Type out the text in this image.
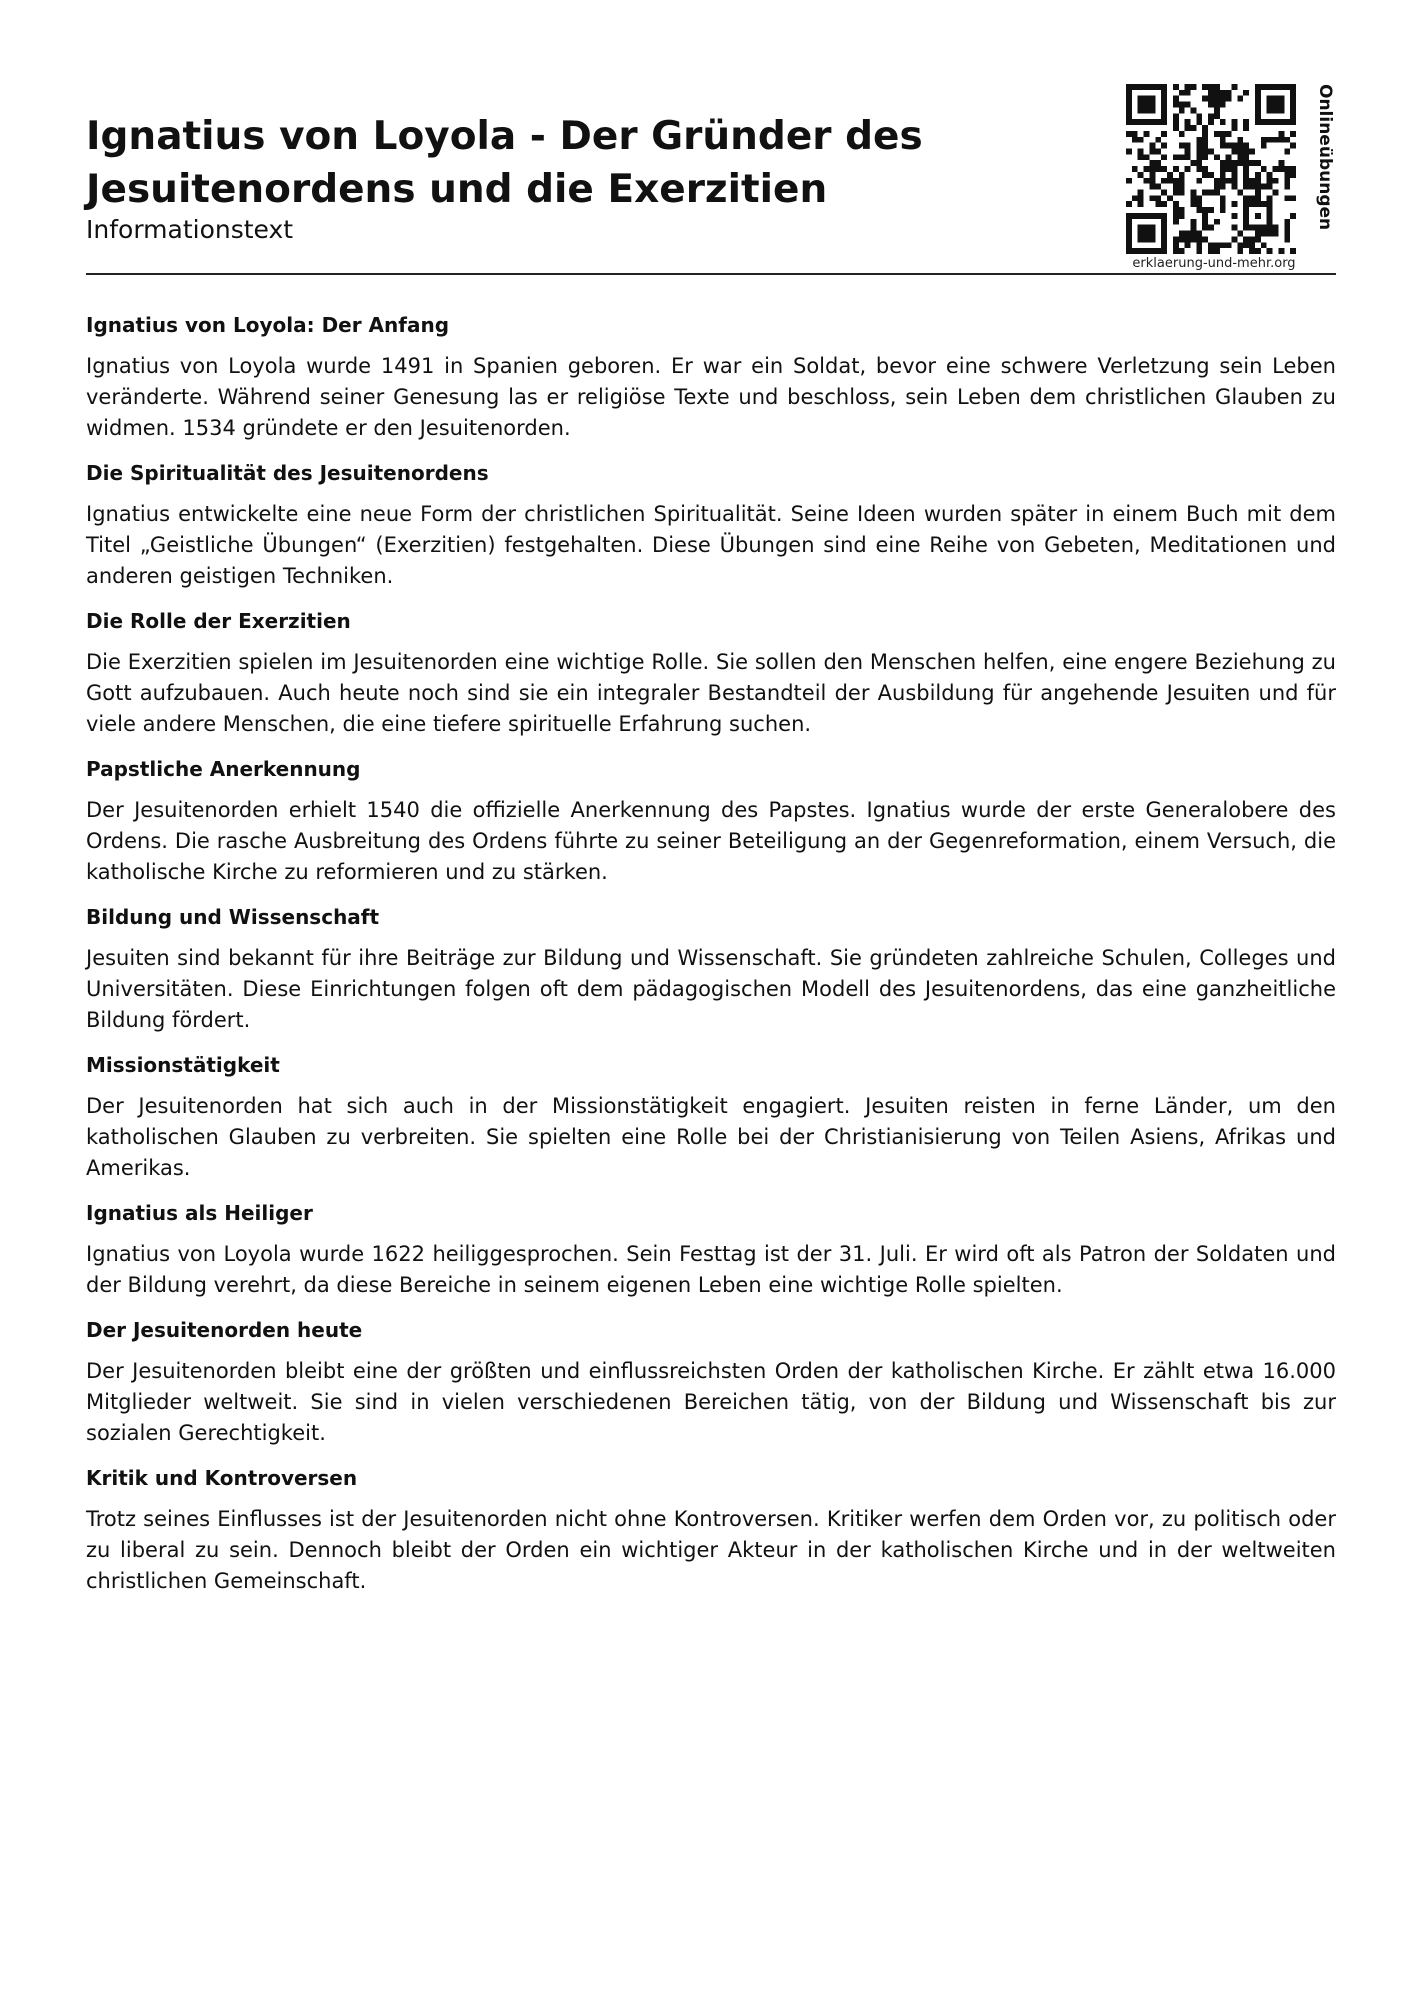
Ignatius von Loyola - Der Gründer des Jesuitenordens und die Exerzitien
Informationstext
erklaerung-und-mehr.org
Onlineübungen
Ignatius von Loyola: Der Anfang

Ignatius von Loyola wurde 1491 in Spanien geboren. Er war ein Soldat, bevor eine schwere Verletzung sein Leben veränderte. Während seiner Genesung las er religiöse Texte und beschloss, sein Leben dem christlichen Glauben zu widmen. 1534 gründete er den Jesuitenorden.

Die Spiritualität des Jesuitenordens

Ignatius entwickelte eine neue Form der christlichen Spiritualität. Seine Ideen wurden später in einem Buch mit dem Titel „Geistliche Übungen“ (Exerzitien) festgehalten. Diese Übungen sind eine Reihe von Gebeten, Meditationen und anderen geistigen Techniken.

Die Rolle der Exerzitien

Die Exerzitien spielen im Jesuitenorden eine wichtige Rolle. Sie sollen den Menschen helfen, eine engere Beziehung zu Gott aufzubauen. Auch heute noch sind sie ein integraler Bestandteil der Ausbildung für angehende Jesuiten und für viele andere Menschen, die eine tiefere spirituelle Erfahrung suchen.

Papstliche Anerkennung

Der Jesuitenorden erhielt 1540 die offizielle Anerkennung des Papstes. Ignatius wurde der erste Generalobere des Ordens. Die rasche Ausbreitung des Ordens führte zu seiner Beteiligung an der Gegenreformation, einem Versuch, die katholische Kirche zu reformieren und zu stärken.

Bildung und Wissenschaft

Jesuiten sind bekannt für ihre Beiträge zur Bildung und Wissenschaft. Sie gründeten zahlreiche Schulen, Colleges und Universitäten. Diese Einrichtungen folgen oft dem pädagogischen Modell des Jesuitenordens, das eine ganzheitliche Bildung fördert.

Missionstätigkeit

Der Jesuitenorden hat sich auch in der Missionstätigkeit engagiert. Jesuiten reisten in ferne Länder, um den katholischen Glauben zu verbreiten. Sie spielten eine Rolle bei der Christianisierung von Teilen Asiens, Afrikas und Amerikas.

Ignatius als Heiliger

Ignatius von Loyola wurde 1622 heiliggesprochen. Sein Festtag ist der 31. Juli. Er wird oft als Patron der Soldaten und der Bildung verehrt, da diese Bereiche in seinem eigenen Leben eine wichtige Rolle spielten.

Der Jesuitenorden heute

Der Jesuitenorden bleibt eine der größten und einflussreichsten Orden der katholischen Kirche. Er zählt etwa 16.000 Mitglieder weltweit. Sie sind in vielen verschiedenen Bereichen tätig, von der Bildung und Wissenschaft bis zur sozialen Gerechtigkeit.

Kritik und Kontroversen

Trotz seines Einflusses ist der Jesuitenorden nicht ohne Kontroversen. Kritiker werfen dem Orden vor, zu politisch oder zu liberal zu sein. Dennoch bleibt der Orden ein wichtiger Akteur in der katholischen Kirche und in der weltweiten christlichen Gemeinschaft.
